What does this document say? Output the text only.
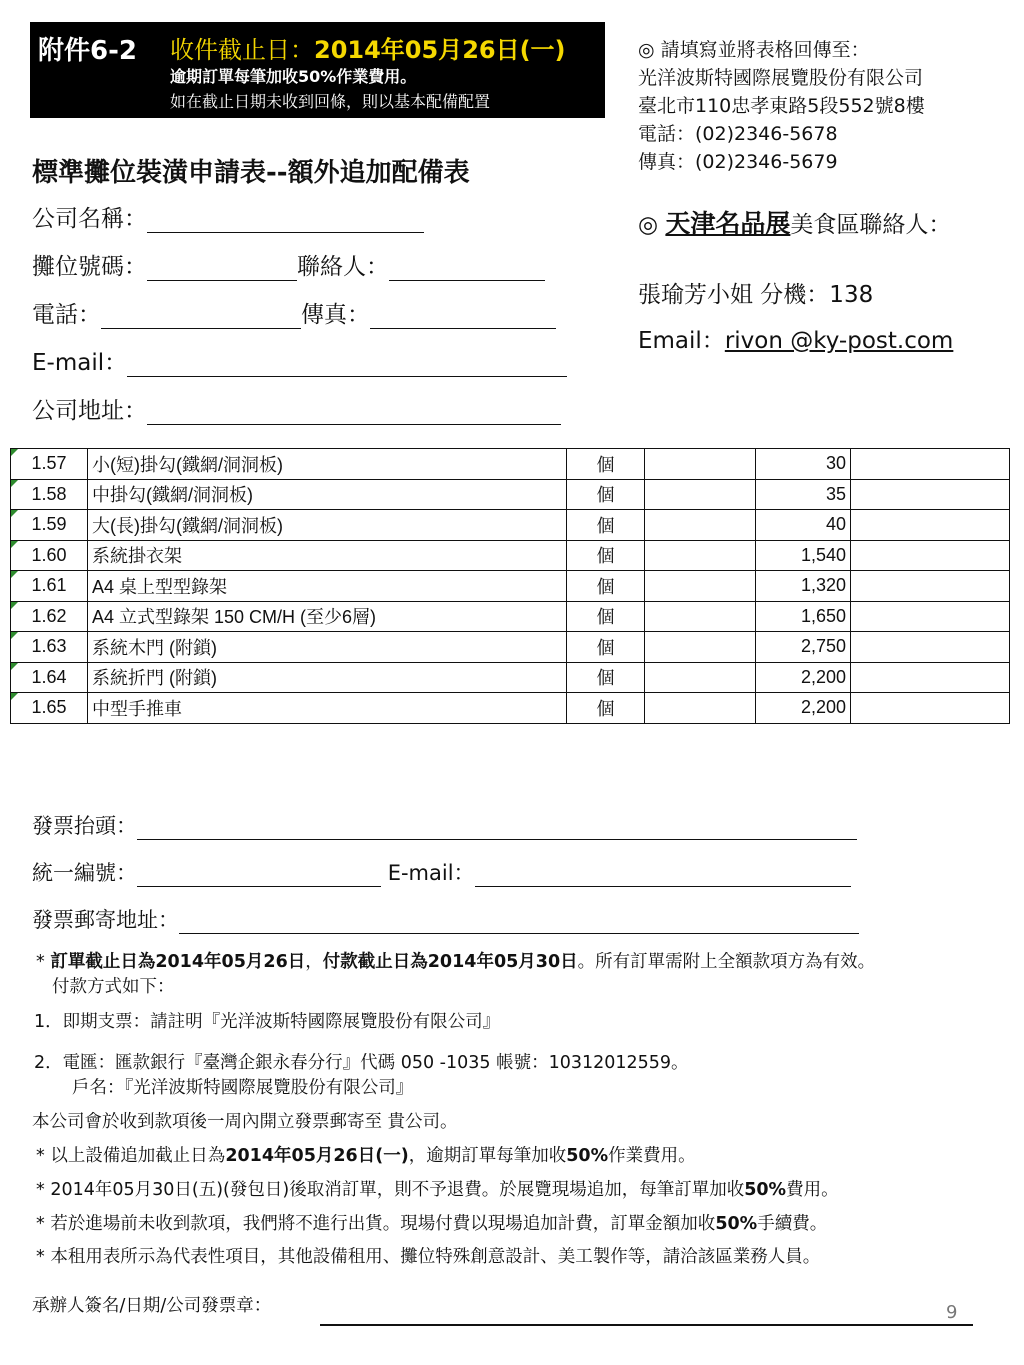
附件6-2 收件截止日：2014年05月26日(一)
逾期訂單每筆加收50%作業費用。
如在截止日期未收到回條，則以基本配備配置
◎ 請填寫並將表格回傳至：
光洋波斯特國際展覽股份有限公司
臺北市110忠孝東路5段552號8樓
電話：(02)2346-5678
傳真：(02)2346-5679
◎ 天津名品展美食區聯絡人：
張瑜芳小姐 分機：138
Email：rivon @ky-post.com
標準攤位裝潢申請表--額外追加配備表
公司名稱：
攤位號碼：	聯絡人：
電話：	傳真：
E-mail：
公司地址：
1.57	小(短)掛勾(鐵網/洞洞板)	個		30	
1.58	中掛勾(鐵網/洞洞板)	個		35	
1.59	大(長)掛勾(鐵網/洞洞板)	個		40	
1.60	系統掛衣架	個		1,540	
1.61	A4 桌上型型錄架	個		1,320	
1.62	A4 立式型錄架 150 CM/H (至少6層)	個		1,650	
1.63	系統木門 (附鎖)	個		2,750	
1.64	系統折門 (附鎖)	個		2,200	
1.65	中型手推車	個		2,200	
發票抬頭：
統一編號：	E-mail：
發票郵寄地址：
* 訂單截止日為2014年05月26日，付款截止日為2014年05月30日。所有訂單需附上全額款項方為有效。
付款方式如下：
1．即期支票：請註明『光洋波斯特國際展覽股份有限公司』
2．電匯：匯款銀行『臺灣企銀永春分行』代碼 050 -1035 帳號：10312012559。
戶名：『光洋波斯特國際展覽股份有限公司』
本公司會於收到款項後一周內開立發票郵寄至 貴公司。
* 以上設備追加截止日為2014年05月26日(一)，逾期訂單每筆加收50%作業費用。
* 2014年05月30日(五)(發包日)後取消訂單，則不予退費。於展覽現場追加，每筆訂單加收50%費用。
* 若於進場前未收到款項，我們將不進行出貨。現場付費以現場追加計費，訂單金額加收50%手續費。
* 本租用表所示為代表性項目，其他設備租用、攤位特殊創意設計、美工製作等，請洽該區業務人員。
承辦人簽名/日期/公司發票章：	9
